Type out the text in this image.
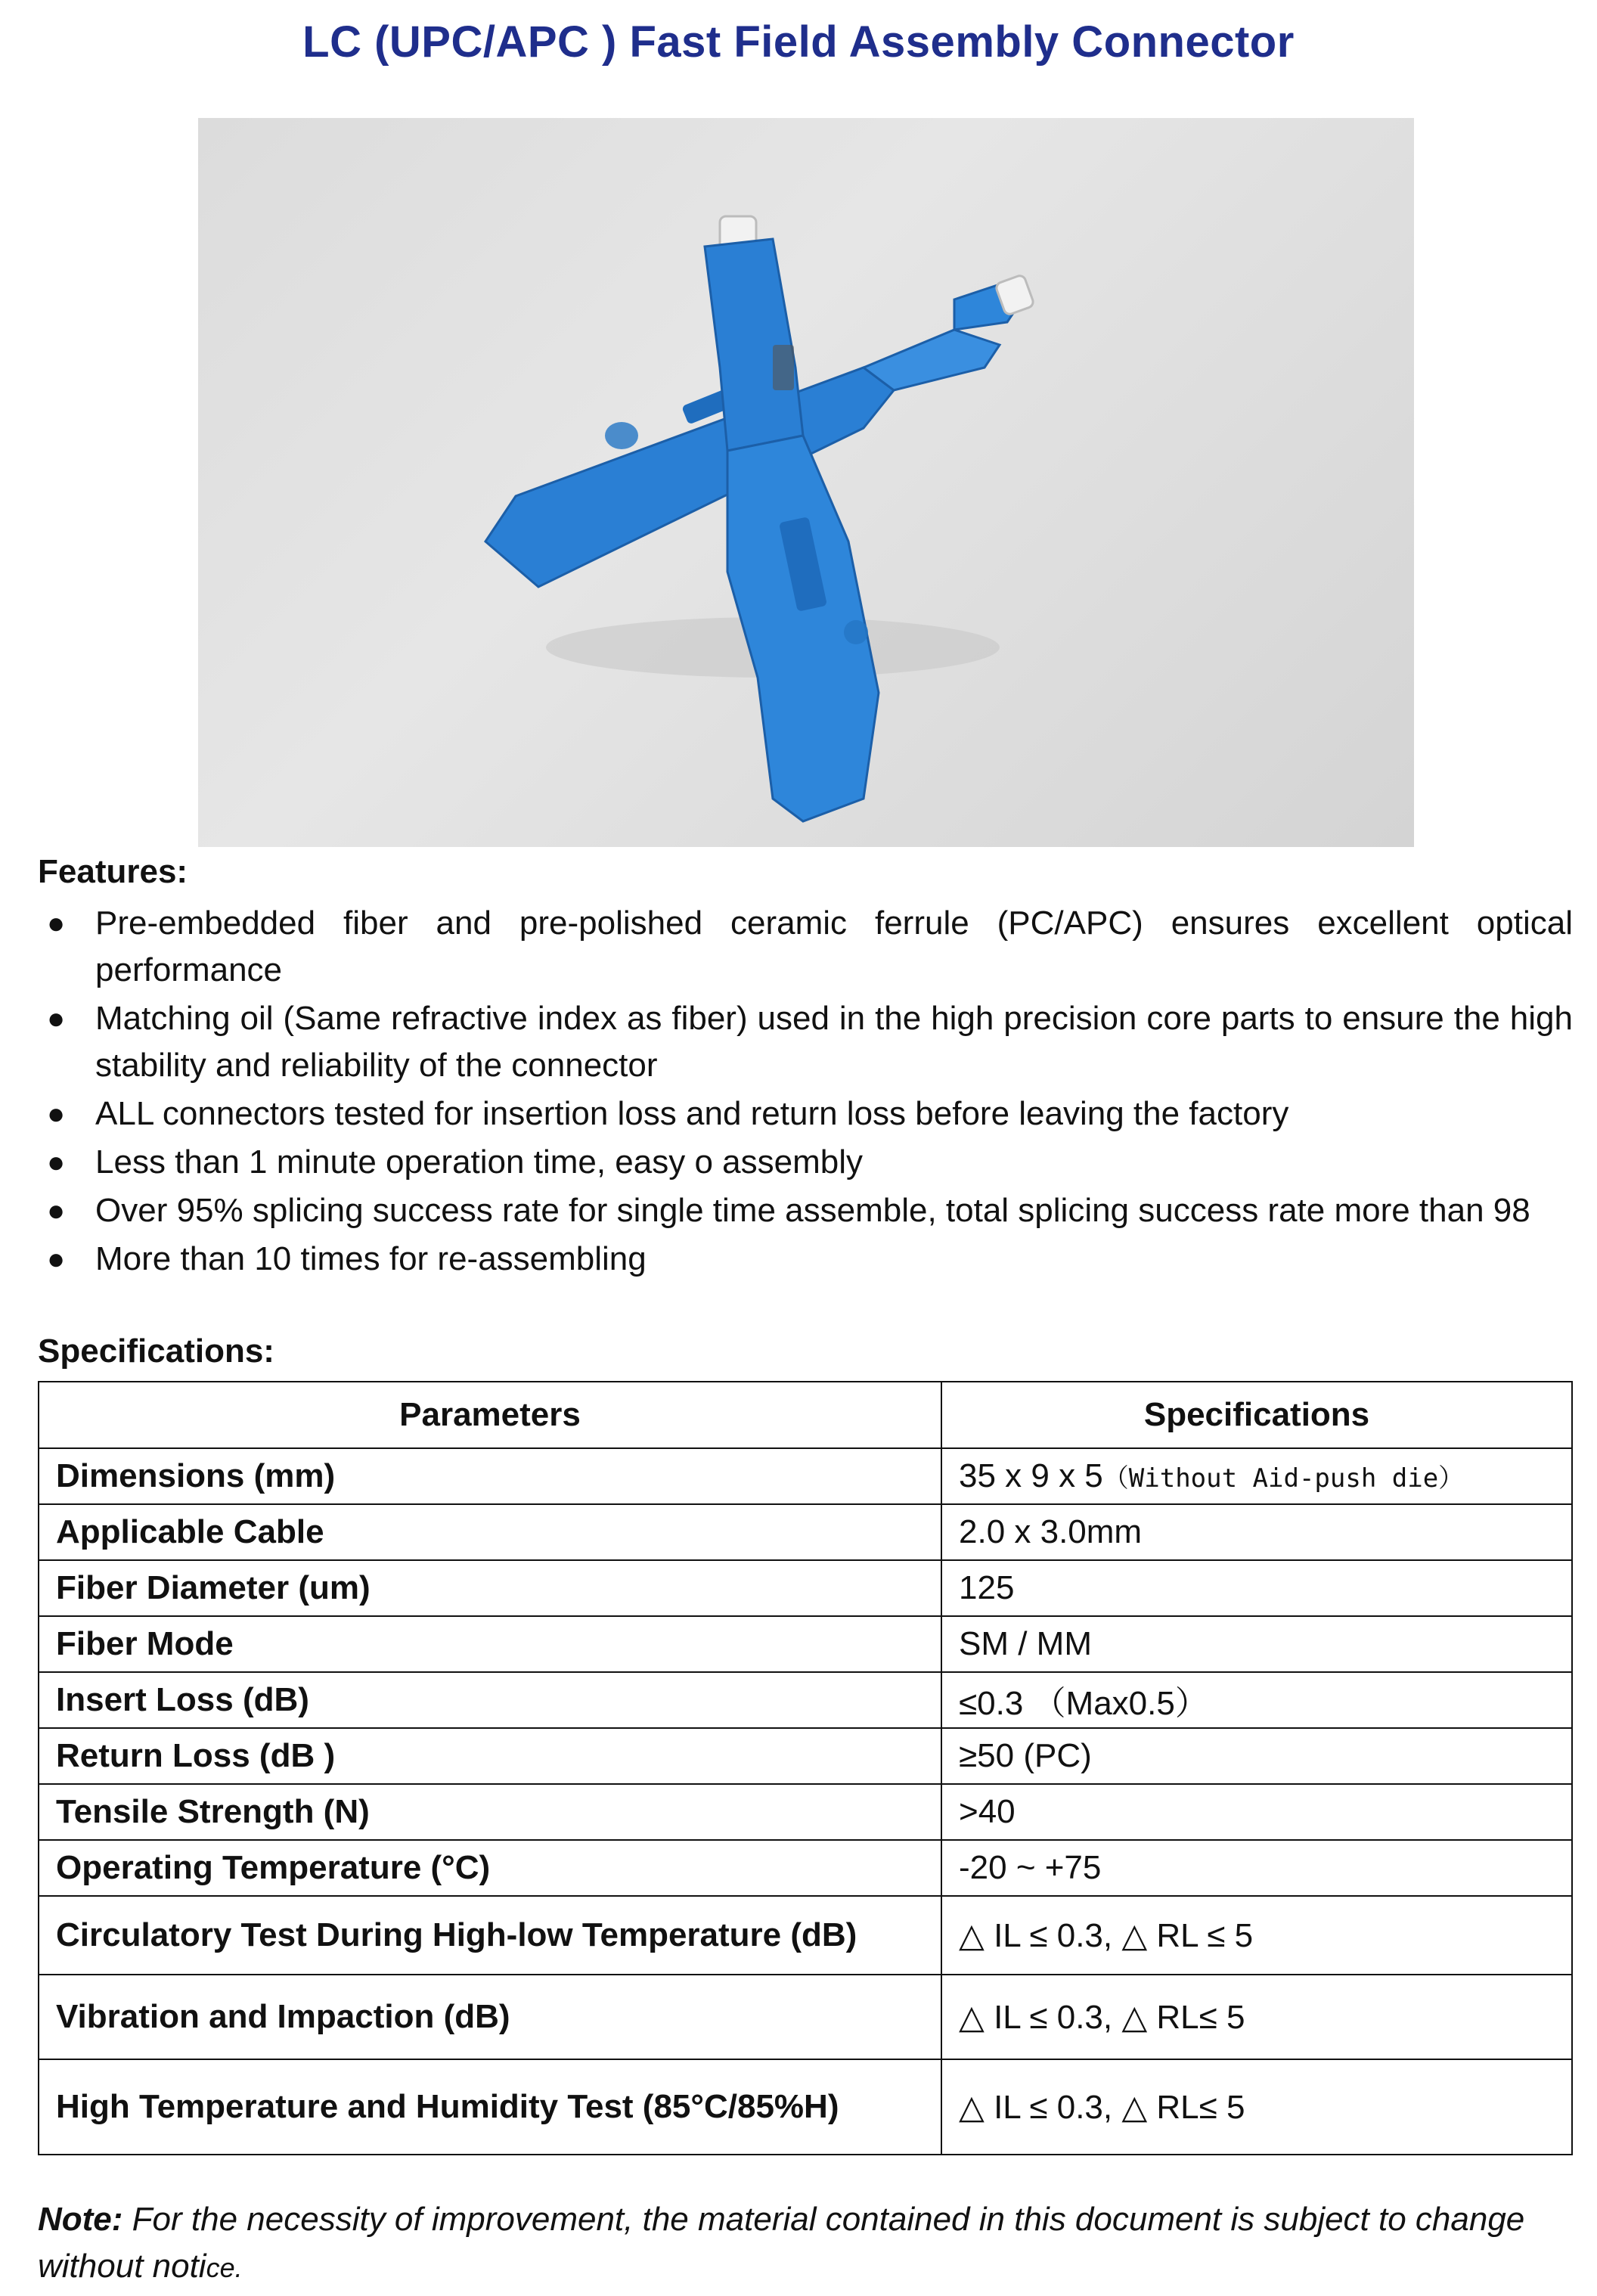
LC (UPC/APC ) Fast Field Assembly Connector
Features:
● Pre-embedded fiber and pre-polished ceramic ferrule (PC/APC) ensures excellent optical performance
● Matching oil (Same refractive index as fiber) used in the high precision core parts to ensure the high stability and reliability of the connector
● ALL connectors tested for insertion loss and return loss before leaving the factory
● Less than 1 minute operation time, easy o assembly
● Over 95% splicing success rate for single time assemble, total splicing success rate more than 98
● More than 10 times for re-assembling
Specifications:
Parameters	Specifications
Dimensions (mm)	35 x 9 x 5（Without Aid-push die）
Applicable Cable	2.0 x 3.0mm
Fiber Diameter (um)	125
Fiber Mode	SM / MM
Insert Loss (dB)	≤0.3 （Max0.5）
Return Loss (dB )	≥50 (PC)
Tensile Strength (N)	>40
Operating Temperature (°C)	-20 ~ +75
Circulatory Test During High-low Temperature (dB)	△ IL ≤ 0.3, △ RL ≤ 5
Vibration and Impaction (dB)	△ IL ≤ 0.3, △ RL≤ 5
High Temperature and Humidity Test (85°C/85%H)	△ IL ≤ 0.3, △ RL≤ 5
Note: For the necessity of improvement, the material contained in this document is subject to change without notice.
